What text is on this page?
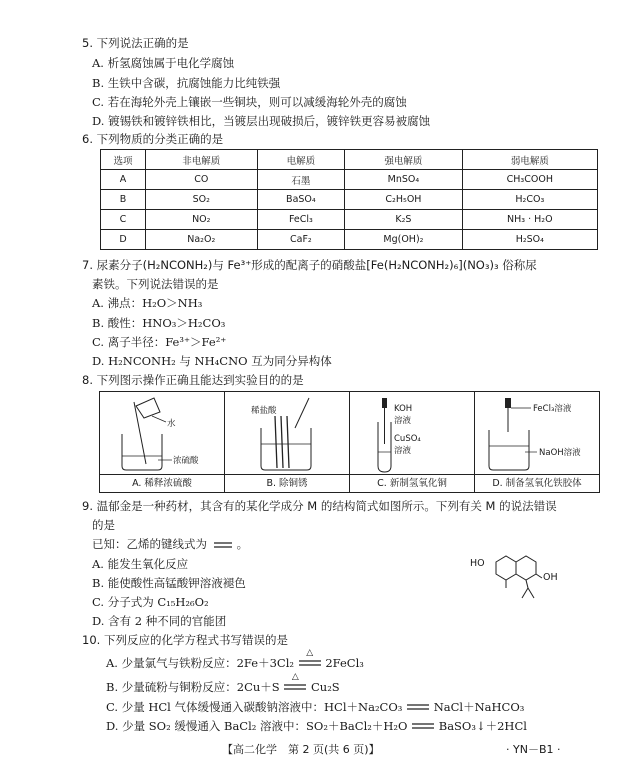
5. 下列说法正确的是
A. 析氢腐蚀属于电化学腐蚀
B. 生铁中含碳，抗腐蚀能力比纯铁强
C. 若在海轮外壳上镶嵌一些铜块，则可以减缓海轮外壳的腐蚀
D. 镀锡铁和镀锌铁相比，当镀层出现破损后，镀锌铁更容易被腐蚀
6. 下列物质的分类正确的是
选项	非电解质	电解质	强电解质	弱电解质
A	CO	石墨	MnSO₄	CH₃COOH
B	SO₂	BaSO₄	C₂H₅OH	H₂CO₃
C	NO₂	FeCl₃	K₂S	NH₃ · H₂O
D	Na₂O₂	CaF₂	Mg(OH)₂	H₂SO₄
7. 尿素分子(H₂NCONH₂)与 Fe³⁺形成的配离子的硝酸盐[Fe(H₂NCONH₂)₆](NO₃)₃ 俗称尿
素铁。下列说法错误的是
A. 沸点：H₂O＞NH₃
B. 酸性：HNO₃＞H₂CO₃
C. 离子半径：Fe³⁺＞Fe²⁺
D. H₂NCONH₂ 与 NH₄CNO 互为同分异构体
8. 下列图示操作正确且能达到实验目的的是
水
浓硫酸
A. 稀释浓硫酸
稀盐酸
B. 除铜锈
KOH
溶液
CuSO₄
溶液
C. 新制氢氧化铜
FeCl₃溶液
NaOH溶液
D. 制备氢氧化铁胶体
9. 温郁金是一种药材，其含有的某化学成分 M 的结构简式如图所示。下列有关 M 的说法错误
的是
已知：乙烯的键线式为	。
A. 能发生氧化反应
B. 能使酸性高锰酸钾溶液褪色
C. 分子式为 C₁₅H₂₆O₂
D. 含有 2 种不同的官能团
HO
OH
10. 下列反应的化学方程式书写错误的是
A. 少量氯气与铁粉反应：2Fe＋3Cl₂
△
2FeCl₃
B. 少量硫粉与铜粉反应：2Cu＋S
△
Cu₂S
C. 少量 HCl 气体缓慢通入碳酸钠溶液中：HCl＋Na₂CO₃	NaCl＋NaHCO₃
D. 少量 SO₂ 缓慢通入 BaCl₂ 溶液中：SO₂＋BaCl₂＋H₂O	BaSO₃↓＋2HCl
【高二化学　第 2 页(共 6 页)】	· YN－B1 ·
